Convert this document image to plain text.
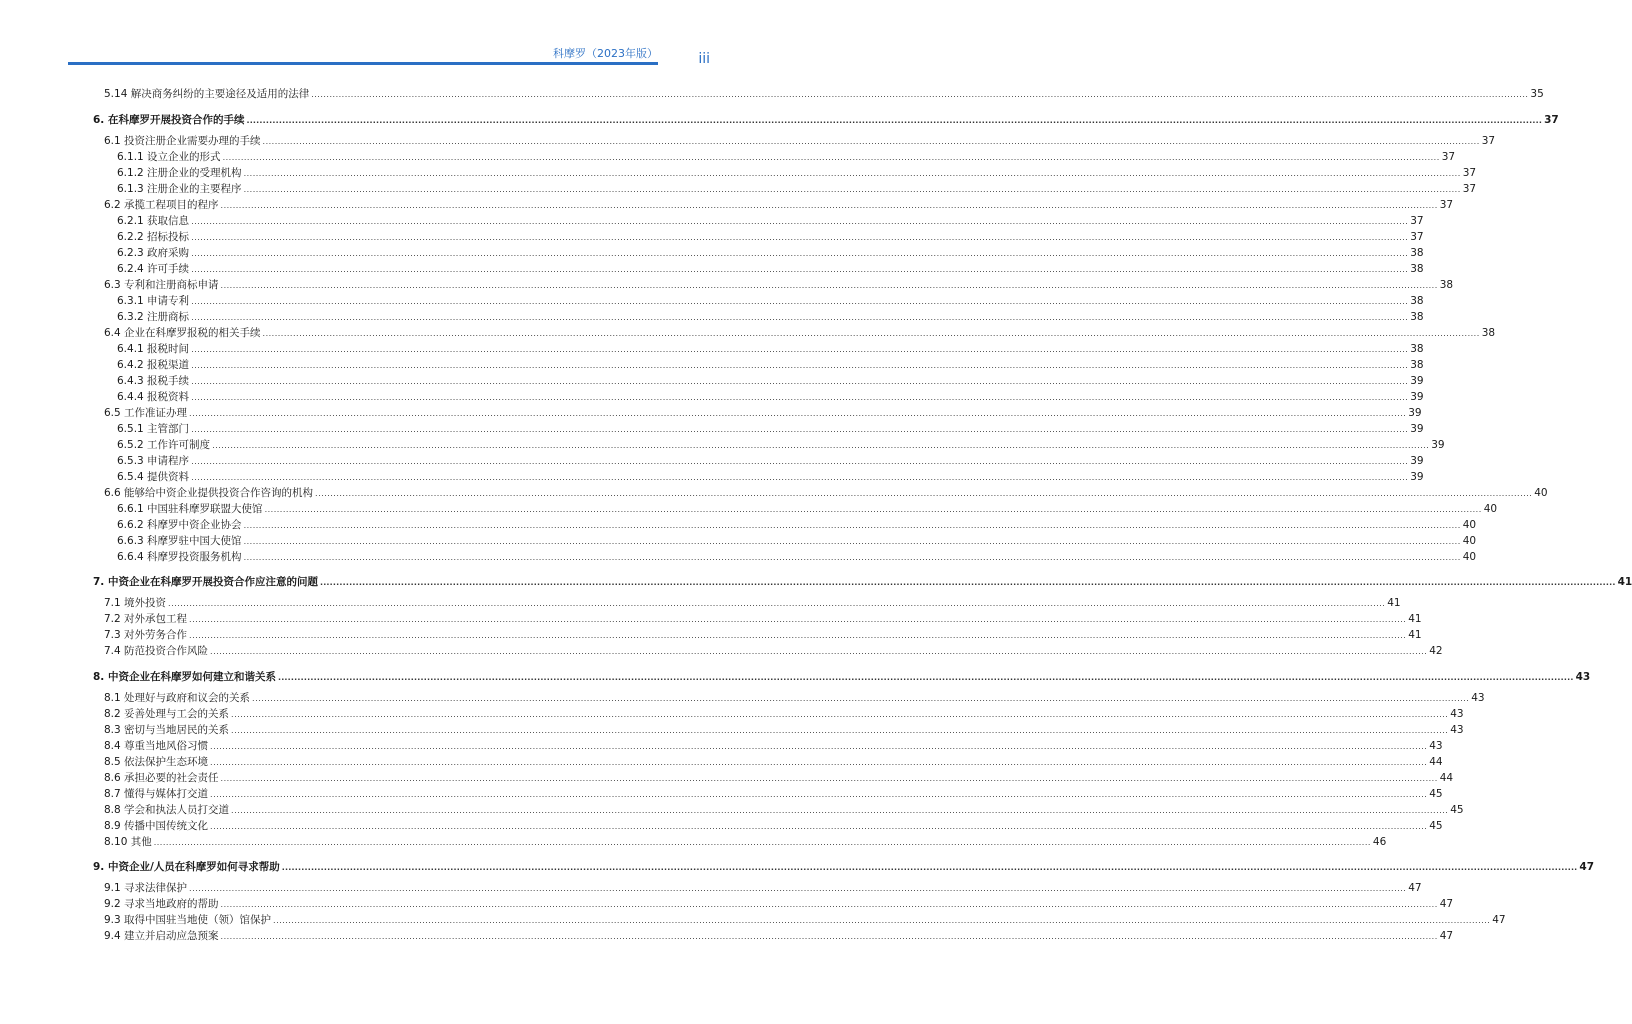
科摩罗（2023年版）	iii
5.14 解决商务纠纷的主要途径及适用的法律 ................................................................................................................................................................................................................................................................................................................................................................................................................ 35
6. 在科摩罗开展投资合作的手续 ................................................................................................................................................................................................................................................................................................................................................................................................................ 37
6.1 投资注册企业需要办理的手续 ................................................................................................................................................................................................................................................................................................................................................................................................................ 37
6.1.1 设立企业的形式 ................................................................................................................................................................................................................................................................................................................................................................................................................ 37
6.1.2 注册企业的受理机构 ................................................................................................................................................................................................................................................................................................................................................................................................................ 37
6.1.3 注册企业的主要程序 ................................................................................................................................................................................................................................................................................................................................................................................................................ 37
6.2 承揽工程项目的程序 ................................................................................................................................................................................................................................................................................................................................................................................................................ 37
6.2.1 获取信息 ................................................................................................................................................................................................................................................................................................................................................................................................................ 37
6.2.2 招标投标 ................................................................................................................................................................................................................................................................................................................................................................................................................ 37
6.2.3 政府采购 ................................................................................................................................................................................................................................................................................................................................................................................................................ 38
6.2.4 许可手续 ................................................................................................................................................................................................................................................................................................................................................................................................................ 38
6.3 专利和注册商标申请 ................................................................................................................................................................................................................................................................................................................................................................................................................ 38
6.3.1 申请专利 ................................................................................................................................................................................................................................................................................................................................................................................................................ 38
6.3.2 注册商标 ................................................................................................................................................................................................................................................................................................................................................................................................................ 38
6.4 企业在科摩罗报税的相关手续 ................................................................................................................................................................................................................................................................................................................................................................................................................ 38
6.4.1 报税时间 ................................................................................................................................................................................................................................................................................................................................................................................................................ 38
6.4.2 报税渠道 ................................................................................................................................................................................................................................................................................................................................................................................................................ 38
6.4.3 报税手续 ................................................................................................................................................................................................................................................................................................................................................................................................................ 39
6.4.4 报税资料 ................................................................................................................................................................................................................................................................................................................................................................................................................ 39
6.5 工作准证办理 ................................................................................................................................................................................................................................................................................................................................................................................................................ 39
6.5.1 主管部门 ................................................................................................................................................................................................................................................................................................................................................................................................................ 39
6.5.2 工作许可制度 ................................................................................................................................................................................................................................................................................................................................................................................................................ 39
6.5.3 申请程序 ................................................................................................................................................................................................................................................................................................................................................................................................................ 39
6.5.4 提供资料 ................................................................................................................................................................................................................................................................................................................................................................................................................ 39
6.6 能够给中资企业提供投资合作咨询的机构 ................................................................................................................................................................................................................................................................................................................................................................................................................ 40
6.6.1 中国驻科摩罗联盟大使馆 ................................................................................................................................................................................................................................................................................................................................................................................................................ 40
6.6.2 科摩罗中资企业协会 ................................................................................................................................................................................................................................................................................................................................................................................................................ 40
6.6.3 科摩罗驻中国大使馆 ................................................................................................................................................................................................................................................................................................................................................................................................................ 40
6.6.4 科摩罗投资服务机构 ................................................................................................................................................................................................................................................................................................................................................................................................................ 40
7. 中资企业在科摩罗开展投资合作应注意的问题 ................................................................................................................................................................................................................................................................................................................................................................................................................ 41
7.1 境外投资 ................................................................................................................................................................................................................................................................................................................................................................................................................ 41
7.2 对外承包工程 ................................................................................................................................................................................................................................................................................................................................................................................................................ 41
7.3 对外劳务合作 ................................................................................................................................................................................................................................................................................................................................................................................................................ 41
7.4 防范投资合作风险 ................................................................................................................................................................................................................................................................................................................................................................................................................ 42
8. 中资企业在科摩罗如何建立和谐关系 ................................................................................................................................................................................................................................................................................................................................................................................................................ 43
8.1 处理好与政府和议会的关系 ................................................................................................................................................................................................................................................................................................................................................................................................................ 43
8.2 妥善处理与工会的关系 ................................................................................................................................................................................................................................................................................................................................................................................................................ 43
8.3 密切与当地居民的关系 ................................................................................................................................................................................................................................................................................................................................................................................................................ 43
8.4 尊重当地风俗习惯 ................................................................................................................................................................................................................................................................................................................................................................................................................ 43
8.5 依法保护生态环境 ................................................................................................................................................................................................................................................................................................................................................................................................................ 44
8.6 承担必要的社会责任 ................................................................................................................................................................................................................................................................................................................................................................................................................ 44
8.7 懂得与媒体打交道 ................................................................................................................................................................................................................................................................................................................................................................................................................ 45
8.8 学会和执法人员打交道 ................................................................................................................................................................................................................................................................................................................................................................................................................ 45
8.9 传播中国传统文化 ................................................................................................................................................................................................................................................................................................................................................................................................................ 45
8.10 其他 ................................................................................................................................................................................................................................................................................................................................................................................................................ 46
9. 中资企业/人员在科摩罗如何寻求帮助 ................................................................................................................................................................................................................................................................................................................................................................................................................ 47
9.1 寻求法律保护 ................................................................................................................................................................................................................................................................................................................................................................................................................ 47
9.2 寻求当地政府的帮助 ................................................................................................................................................................................................................................................................................................................................................................................................................ 47
9.3 取得中国驻当地使（领）馆保护 ................................................................................................................................................................................................................................................................................................................................................................................................................ 47
9.4 建立并启动应急预案 ................................................................................................................................................................................................................................................................................................................................................................................................................ 47
